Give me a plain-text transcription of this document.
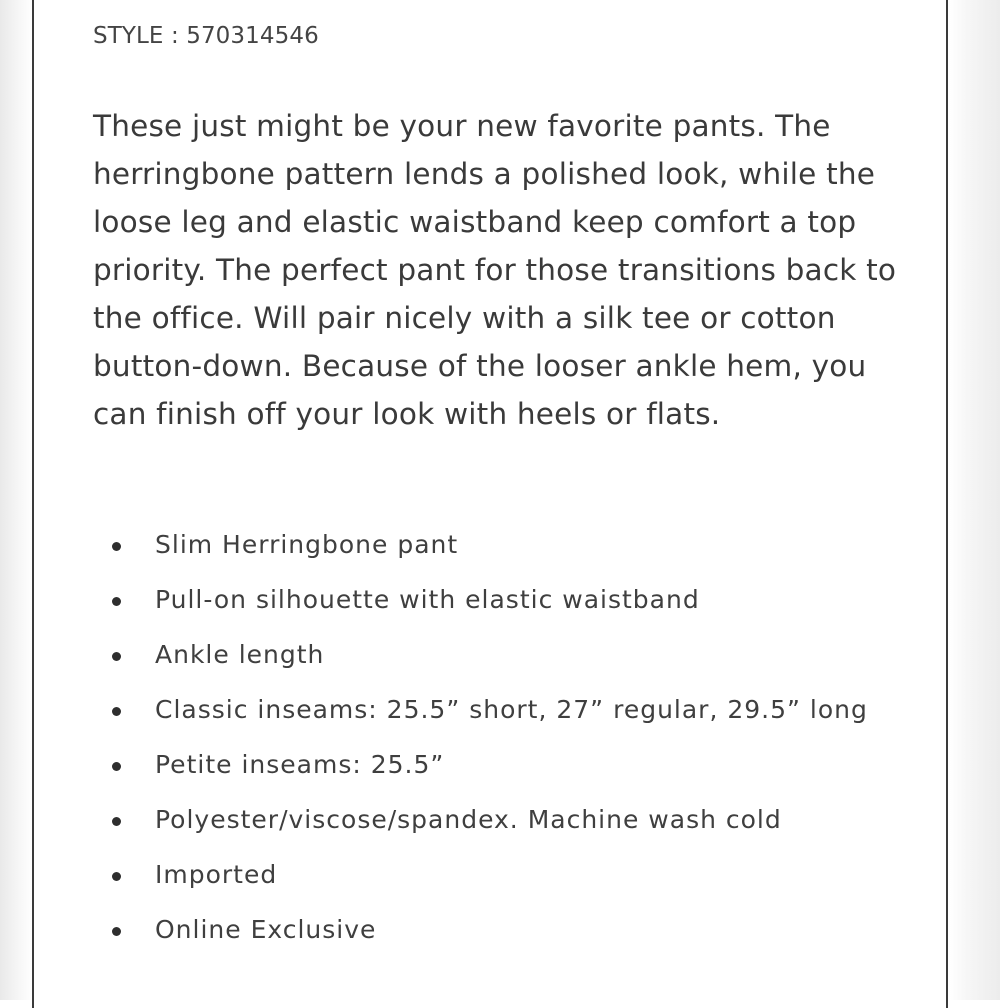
STYLE : 570314546

These just might be your new favorite pants. The herringbone pattern lends a polished look, while the loose leg and elastic waistband keep comfort a top priority. The perfect pant for those transitions back to the office. Will pair nicely with a silk tee or cotton button-down. Because of the looser ankle hem, you can finish off your look with heels or flats.

Slim Herringbone pant
Pull-on silhouette with elastic waistband
Ankle length
Classic inseams: 25.5” short, 27” regular, 29.5” long
Petite inseams: 25.5”
Polyester/viscose/spandex. Machine wash cold
Imported
Online Exclusive
